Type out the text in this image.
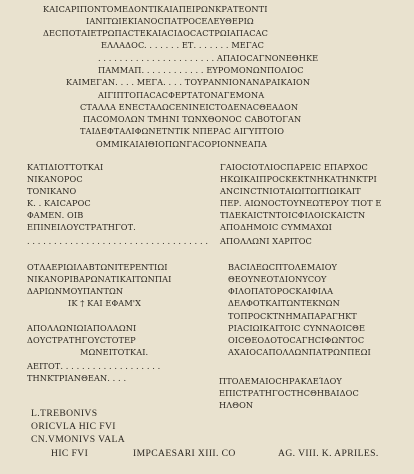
ΚΑΙCΑΡΙΠΟΝΤΟΜΕΔΟΝΤΙΚΑΙΑΠΕΙΡΩΝΚΡΑΤΕΟΝΤΙ
ΙΑΝΙΤΩΙΕΚΙΑΝΟCΠΑΤΡΟCΕΛΕΥΘΕΡΙΩ
ΔΕCΠΟΤΑΙΕΤΡΩΠΑCΤΕΚΑΙΑCΙΔΟCΑCΤΡΩΙΑΠΑCΑC
ΕΛΛΑΔΟC. . . . . . . ΕΤ. . . . . . . ΜΕΓΑC
. . . . . . . . . . . . . . . . . . . . . . ΑΠΑΙΟCΑΓΝΟΝΕΘΗΚΕ
ΠΑΜΜΑΠ. . . . . . . . . . . . ΕΥΡΟΜΟΝΩΝΠΟΛΙΟC
ΚΑΙΜΕΓΑΝ. . . . ΜΕΓΑ. . . . ΤΟΥΡΑΝΝΙΟΝΑΝΔΡΑΙΚΑΙΟΝ
ΑΙΓΙΠΤΟΠΑCΑCΦΕΡΤΑΤΟΝΑΓΕΜΟΝΑ
CΤΑΛΛΑ ΕΝΕCΤΑΛΩCΕΝΙΝΕΙCΤΟΔΕΝΑCΘΕΑΔΟΝ
ΠΑCΟΜΟΛΩΝ ΤΜΗΝΙ ΤΩΝΧΘΟΝΟC CΑΒΟΤΟΓΑΝ
ΤΑΙΔΕΦΤΑΛΙΦΩΝΕΤΝΤΙΚ ΝΠΕΡΑC ΑΙΓΥΠΤΟΙΟ
ΟΜΜΙΚΑΙΑΙΘΙΟΠΩΝΓΑCΟΡΙΟΝΝΕΑΠΑ
ΚΑΤΙΔΙΟΤΤΟΤΚΑΙ
ΝΙΚΑΝΟΡΟC
ΤΟΝΙΚΑΝΟ
Κ. . ΚΑΙCΑΡΟC
ΦΑΜΕΝ. ΟΙΒ
ΕΠΙΝΕΙΛΟΥCΤΡΑΤΗΓΟΤ.
. . . . . . . . . . . . . . . . . . . . . . . . . . . . . . . . . .
ΓΑΙΟCΙΟΤΛΙΟCΠΑΡΕΙC ΕΠΑΡΧΟC
ΗΚΩΙΚΑΙΠΡΟCΚΕΚΤΝΗΚΑΤΗΝΚΤΡΙ
ΑΝCΙΝCΤΝΙΟΤΑΙΩΙΤΩΙΤΙΩΙΚΑΙΤ
ΠΕΡ. ΑΙΩΝΟCΤΟΥΝΕΩΤΕΡΟΥ ΤΙΟΤ Ε
ΤΙΔΕΚΑΙCΤΝΤΟΙCΦΙΛΟΙCΚΑΙCΤΝ
ΑΠΟΔΗΜΟΙC CΥΜΜΑΧΩΙ
ΑΠΟΛΛΩΝΙ ΧΑΡΙΤΟC
ΟΤΛΑΕΡΙΩΙΛΑΒΤΩΝΙΤΕΡΕΝΤΙΩΙ
ΝΙΚΑΝΟΡΙΒΑΡΩΝΑΤΙΚΑΙΤΩΝΠΑΙ
ΔΑΡΙΩΝΜΟΥΠΑΝΤΩΝ
ΙΚ † ΚΑΙ ΕΦΑΜ'Χ
ΒΑCΙΛΕΩCΠΤΟΛΕΜΑΙΟΥ
ΘΕΟΥΝΕΟΤΔΙΟΝΥCΟΥ
ΦΙΛΟΠΑΤΟΡΟCΚΑΙΦΙΛΑ
ΔΕΛΦΟΤΚΑΙΤΩΝΤΕΚΝΩΝ
ΤΟΠΡΟCΚΤΝΗΜΑΠΑΡΑΓΗΚΤ
ΡΙΑCΙΩΙΚΑΙΤΟΙC CΥΝΝΑΟΙCΘΕ
ΟΙCΘΕΟΔΟΤΟCΑΓΗCΙΦΩΝΤΟC
ΑΧΑΙΟCΑΠΟΛΛΩΝΠΑΤΡΩΝΠΕΩΙ
ΑΠΟΛΛΩΝΙΩΙΑΠΟΛΛΩΝΙ
ΔΟΥCΤΡΑΤΗΓΟΥCΤΟΤΕΡ
ΜΩΝΕΙΤΟΤΚΑΙ.
ΑΕΙΤΟΤ. . . . . . . . . . . . . . . . . . .
ΤΗΝΚΤΡΙΑΝΘΕΑΝ. . . .	ΠΤΟΛΕΜΑΙΟCΗΡΑΚΛΕΊΔΟΥ
ΕΠΙCΤΡΑΤΗΓΟCΤΗCΘΗΒΑΙΔΟC
ΗΛΘΟΝ
L.TREBONIVS
ORICVLA HIC FVI
CN.VMONIVS VALA
HIC FVI	IMPCAESARI XIII. CO	AG. VIII. K. APRILES.
